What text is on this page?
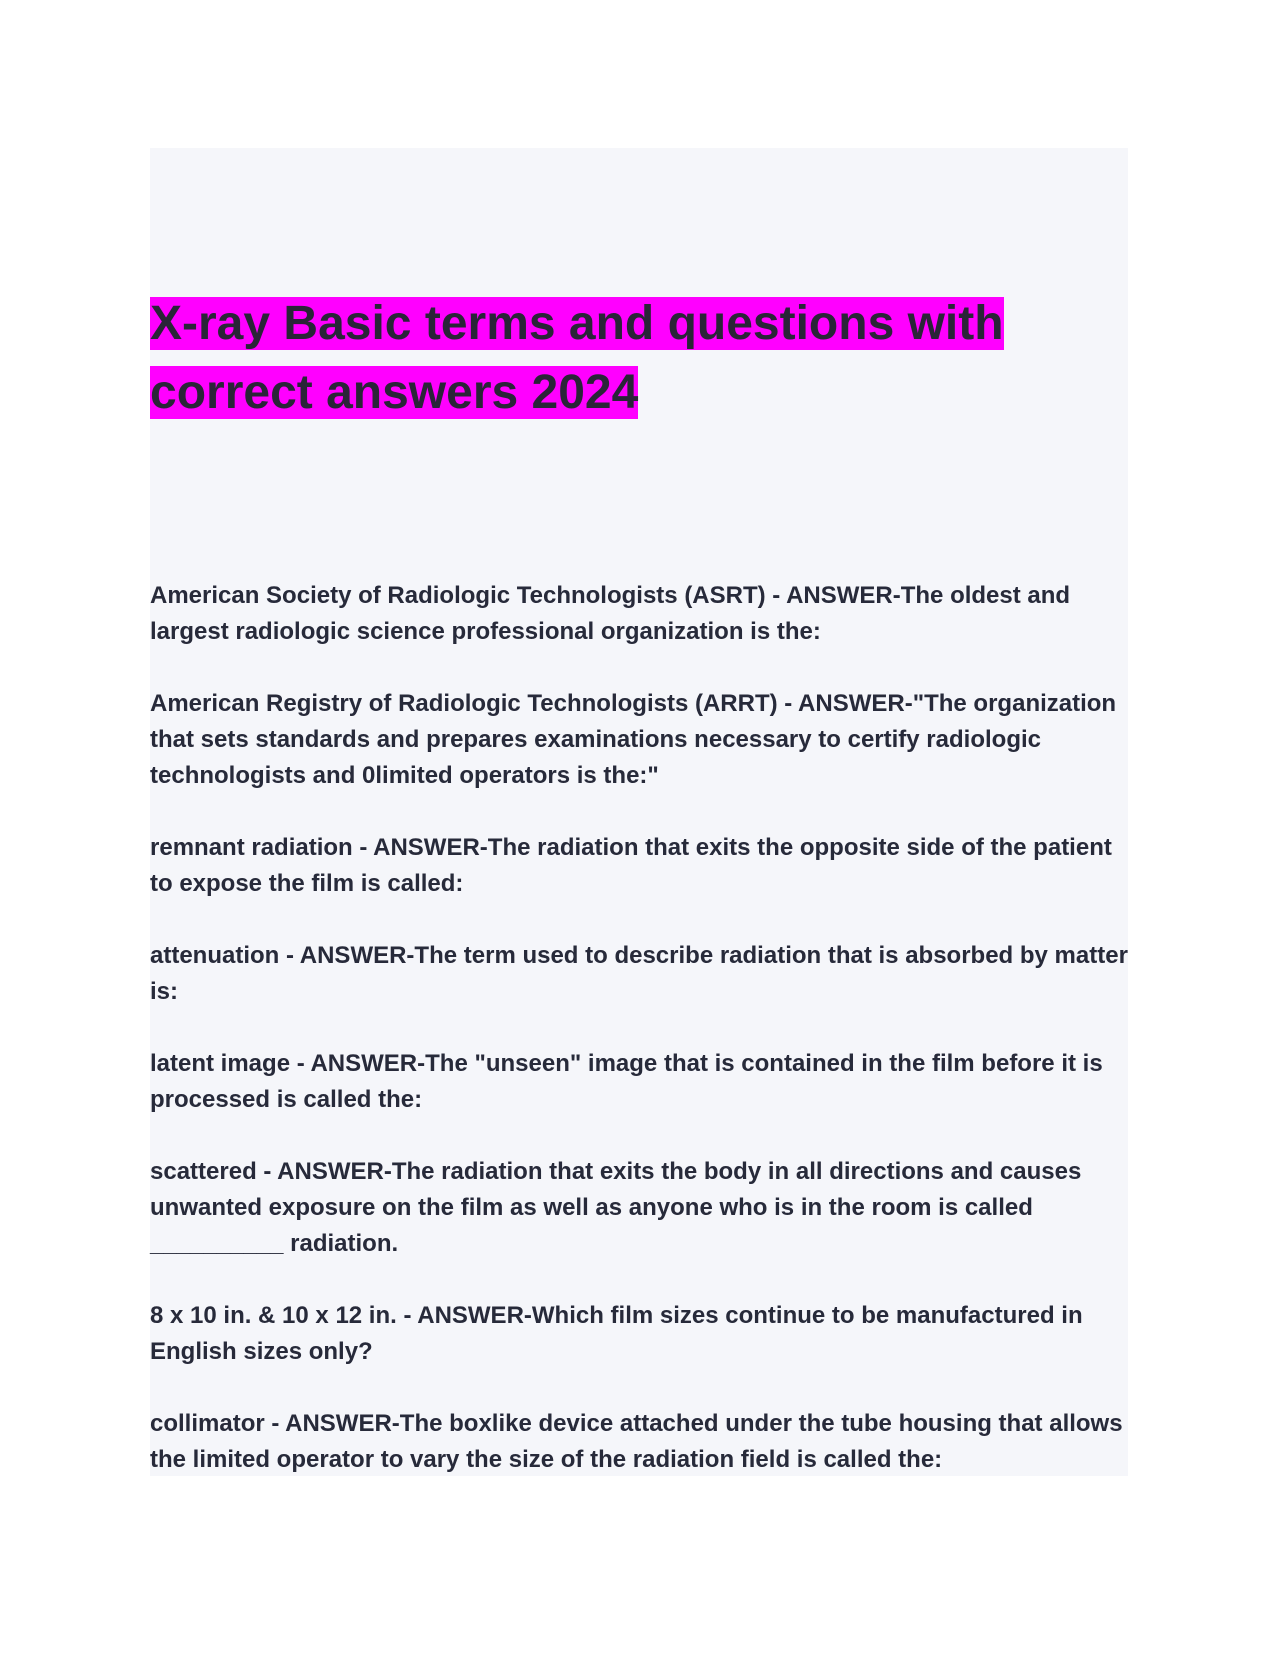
X-ray Basic terms and questions with correct answers 2024
American Society of Radiologic Technologists (ASRT) - ANSWER-The oldest and largest radiologic science professional organization is the:
American Registry of Radiologic Technologists (ARRT) - ANSWER-"The organization that sets standards and prepares examinations necessary to certify radiologic technologists and 0limited operators is the:"
remnant radiation - ANSWER-The radiation that exits the opposite side of the patient to expose the film is called:
attenuation - ANSWER-The term used to describe radiation that is absorbed by matter is:
latent image - ANSWER-The "unseen" image that is contained in the film before it is processed is called the:
scattered - ANSWER-The radiation that exits the body in all directions and causes unwanted exposure on the film as well as anyone who is in the room is called __________ radiation.
8 x 10 in. & 10 x 12 in. - ANSWER-Which film sizes continue to be manufactured in English sizes only?
collimator - ANSWER-The boxlike device attached under the tube housing that allows the limited operator to vary the size of the radiation field is called the:
